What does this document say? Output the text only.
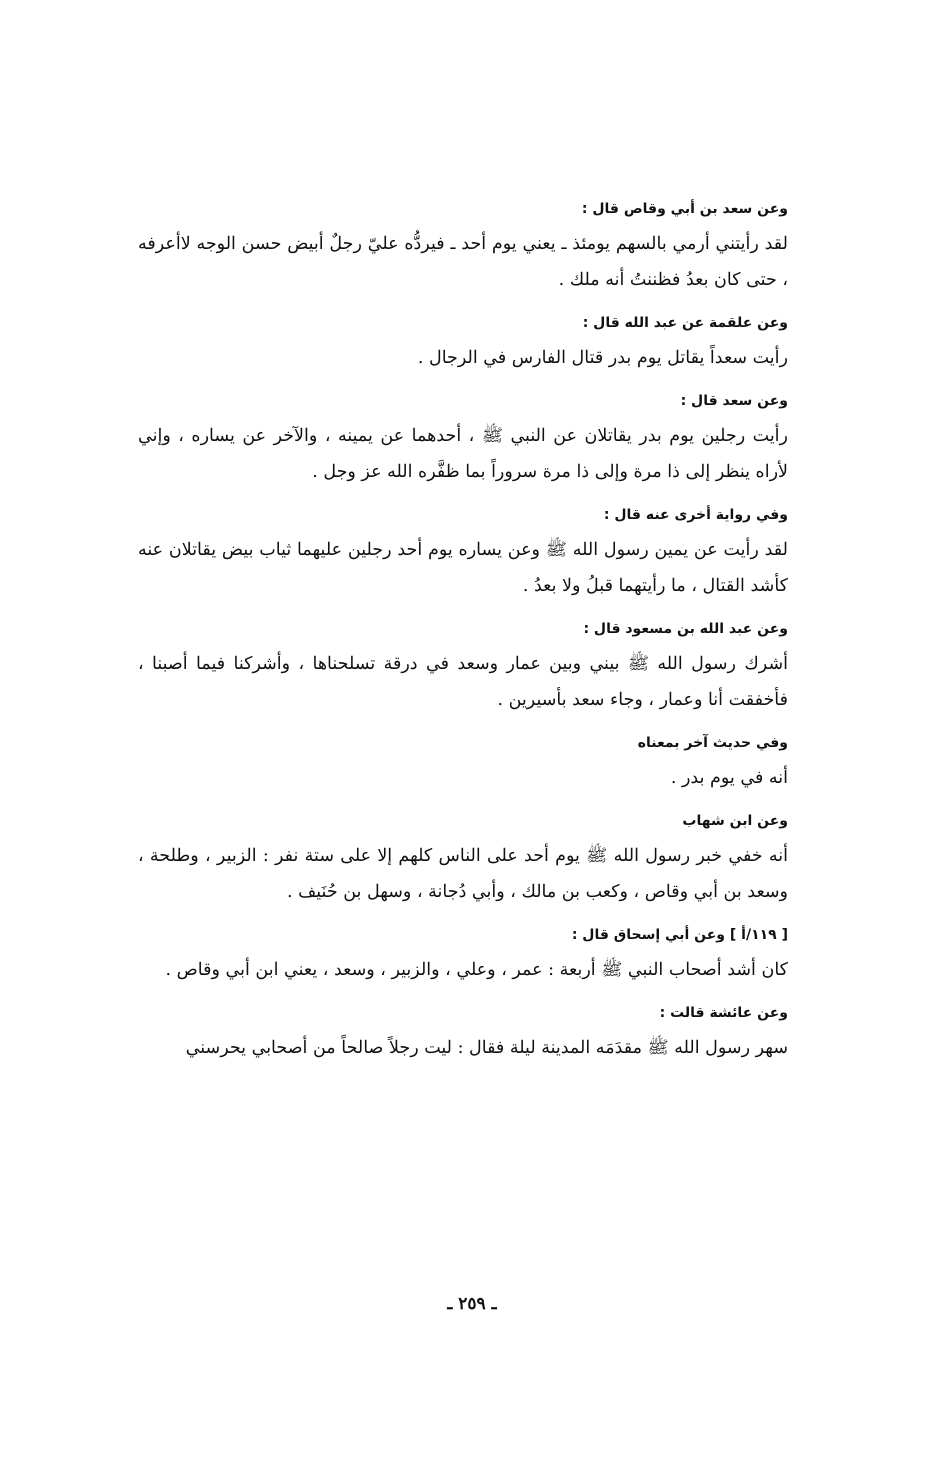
وعن سعد بن أبي وقاص قال :

لقد رأيتني أرمي بالسهم يومئذ ـ يعني يوم أحد ـ فيردُّه عليّ رجلٌ أبيض حسن الوجه لاأعرفه ، حتى كان بعدُ فظننتُ أنه ملك .

وعن علقمة عن عبد الله قال :

رأيت سعداً يقاتل يوم بدر قتال الفارس في الرجال .

وعن سعد قال :

رأيت رجلين يوم بدر يقاتلان عن النبي ﷺ ، أحدهما عن يمينه ، والآخر عن يساره ، وإني لأراه ينظر إلى ذا مرة وإلى ذا مرة سروراً بما ظفَّره الله عز وجل .

وفي رواية أخرى عنه قال :

لقد رأيت عن يمين رسول الله ﷺ وعن يساره يوم أحد رجلين عليهما ثياب بيض يقاتلان عنه كأشد القتال ، ما رأيتهما قبلُ ولا بعدُ .

وعن عبد الله بن مسعود قال :

أشرك رسول الله ﷺ بيني وبين عمار وسعد في درقة تسلحناها ، وأشركنا فيما أصبنا ، فأخفقت أنا وعمار ، وجاء سعد بأسيرين .

وفي حديث آخر بمعناه

أنه في يوم بدر .

وعن ابن شهاب

أنه خفي خبر رسول الله ﷺ يوم أحد على الناس كلهم إلا على ستة نفر : الزبير ، وطلحة ، وسعد بن أبي وقاص ، وكعب بن مالك ، وأبي دُجانة ، وسهل بن حُنَيف .

[ ١١٩/أ ] وعن أبي إسحاق قال :

كان أشد أصحاب النبي ﷺ أربعة : عمر ، وعلي ، والزبير ، وسعد ، يعني ابن أبي وقاص .

وعن عائشة قالت :

سهر رسول الله ﷺ مقدَمَه المدينة ليلة فقال : ليت رجلاً صالحاً من أصحابي يحرسني

ـ ٢٥٩ ـ
